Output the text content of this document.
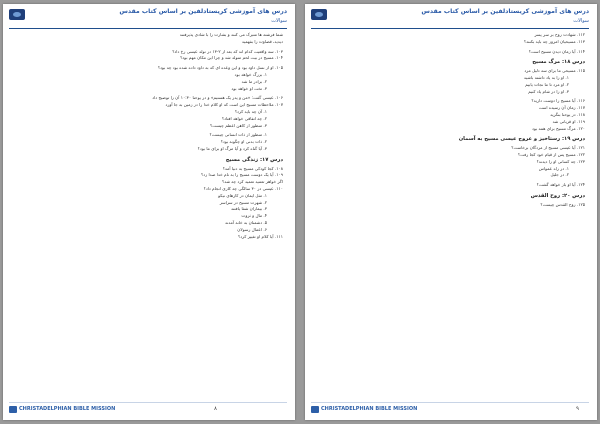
درس های آموزشی کریستادلفین بر اساس کتاب مقدس
سوالات
شما فرشته ها متبرک می کنند و بشارت را با شادی پذیرفتند
دیدید، قضاوت را بفهمید
۱۰۳. سه واقعیت کدام اند که بعد از ۲-۱۳ در تولد عیسی رخ داد؟
۱۰۴. مسیح در بیت لحم متولد شد و چرا این مکان مهم بود؟
۱۰۵. او از نسل داود بود و این وعده ای که به داود داده شده بود چه بود؟
۱. بزرگ خواهد بود
۲. برادر ما شد
۳. تخت او خواهد بود
۱۰۶. عیسی گفت: «من و پدر یک هستیم» و در یوحنا ۱۰:۳۰ آن را توضیح داد
۱۰۷. ملاحظات مسیح این است که او کلام خدا را در زمین به جا آورد
۱. آن چه باید کرد؟
۲. چه اتفاقی خواهد افتاد؟
۳. منظور از کاهن اعظم چیست؟
۱. منظور از ذات انسانی چیست؟
۲. ذات بدنی او چگونه بود؟
۳. آیا گناه کرد و آیا مرگ او برای ما بود؟
درس ۱۷: زندگی مسیح
۱۰۸. کجا کودکی مسیح به دنیا آمد؟
۱۰۹. آیا یک دوست مسیح را به نام خدا صدا زد؟
اگر خواهر تعمید تعمید کرد چه شد؟
۱۱۰. عیسی در ۳۰ سالگی چه کاری انجام داد؟
۱. مثل ایمان در کارهای نیکو
۲. شهرت مسیح در سراسر
۳. بیماران شفا یافتند
۴. مال و ثروت
۵. دشمنان به خانه آمدند
۶. اعمال رسولان
۱۱۱. آیا کلام او تغییر کرد؟
CHRISTADELPHIAN BIBLE MISSION	۸
درس های آموزشی کریستادلفین بر اساس کتاب مقدس
سوالات
۱۱۲. شهادت روح بر سر پسر
۱۱۳. مسیحیان امروز چه باید بکنند؟
۱۱۴. آیا زمان دیدن مسیح است؟
درس ۱۸: مرگ مسیح
۱۱۵. مسیحی ما برای سه دلیل مرد
۱. او را به یاد داشته باشید
۲. او مرد تا ما نجات یابیم
۳. او را در شام یاد کنیم
۱۱۶. آیا مسیح را دوست دارید؟
۱۱۷. زمان آن رسیده است
۱۱۸. در یوحنا بنگرید
۱۱۹. او قربانی شد
۱۲۰. مرگ مسیح برای همه بود
درس ۱۹: رستاخیز و عروج عیسی مسیح به آسمان
۱۲۱. آیا عیسی مسیح از مردگان برخاست؟
۱۲۲. مسیح پس از قیام خود کجا رفت؟
۱۲۳. چه کسانی او را دیدند؟
۱. در راه عمواس
۲. در جلیل
۱۲۴. آیا او باز خواهد گشت؟
درس ۲۰: روح القدس
۱۲۵. روح القدس چیست؟
CHRISTADELPHIAN BIBLE MISSION	۹
